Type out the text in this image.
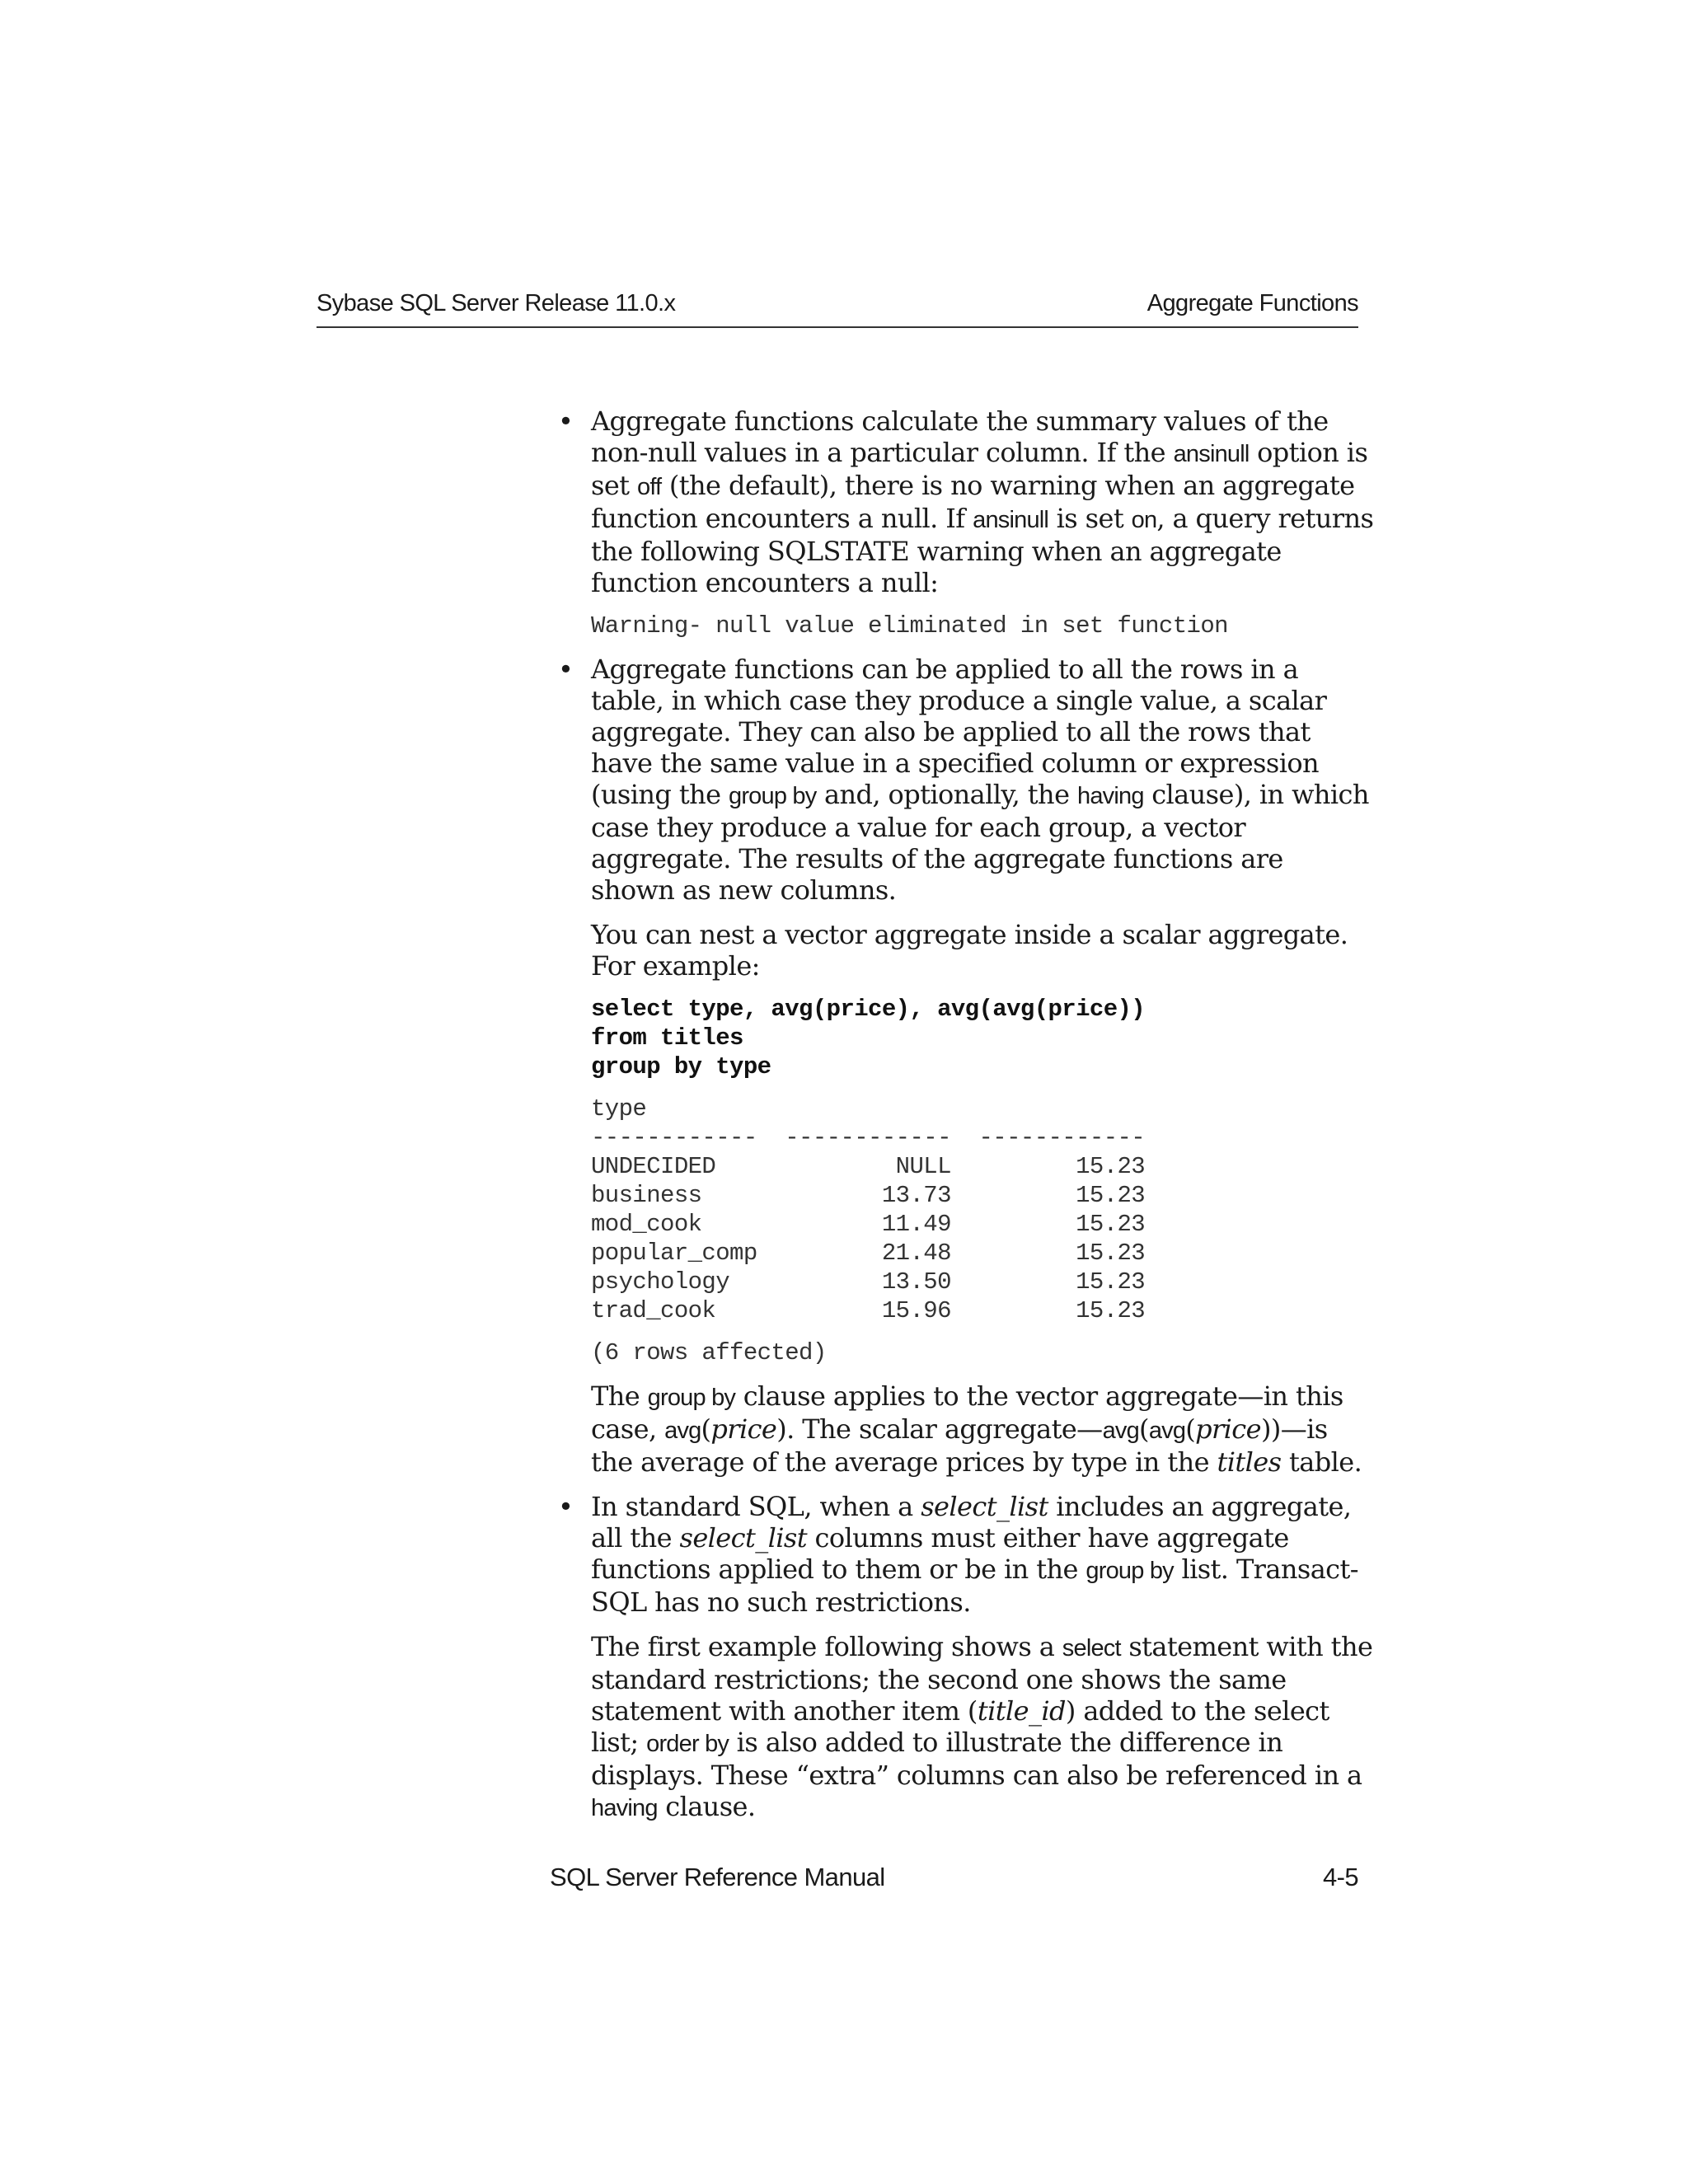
Sybase SQL Server Release 11.0.x	Aggregate Functions
• Aggregate functions calculate the summary values of the non-null values in a particular column. If the ansinull option is set off (the default), there is no warning when an aggregate function encounters a null. If ansinull is set on, a query returns the following SQLSTATE warning when an aggregate function encounters a null:

Warning- null value eliminated in set function
• Aggregate functions can be applied to all the rows in a table, in which case they produce a single value, a scalar aggregate. They can also be applied to all the rows that have the same value in a specified column or expression (using the group by and, optionally, the having clause), in which case they produce a value for each group, a vector aggregate. The results of the aggregate functions are shown as new columns.

You can nest a vector aggregate inside a scalar aggregate. For example:

select type, avg(price), avg(avg(price))
from titles
group by type
type
------------  ------------  ------------
UNDECIDED             NULL         15.23
business             13.73         15.23
mod_cook             11.49         15.23
popular_comp         21.48         15.23
psychology           13.50         15.23
trad_cook            15.96         15.23
(6 rows affected)

The group by clause applies to the vector aggregate—in this case, avg(price). The scalar aggregate—avg(avg(price))—is the average of the average prices by type in the titles table.

• In standard SQL, when a select_list includes an aggregate, all the select_list columns must either have aggregate functions applied to them or be in the group by list. Transact-SQL has no such restrictions.

The first example following shows a select statement with the standard restrictions; the second one shows the same statement with another item (title_id) added to the select list; order by is also added to illustrate the difference in displays. These “extra” columns can also be referenced in a having clause.

SQL Server Reference Manual	4-5
